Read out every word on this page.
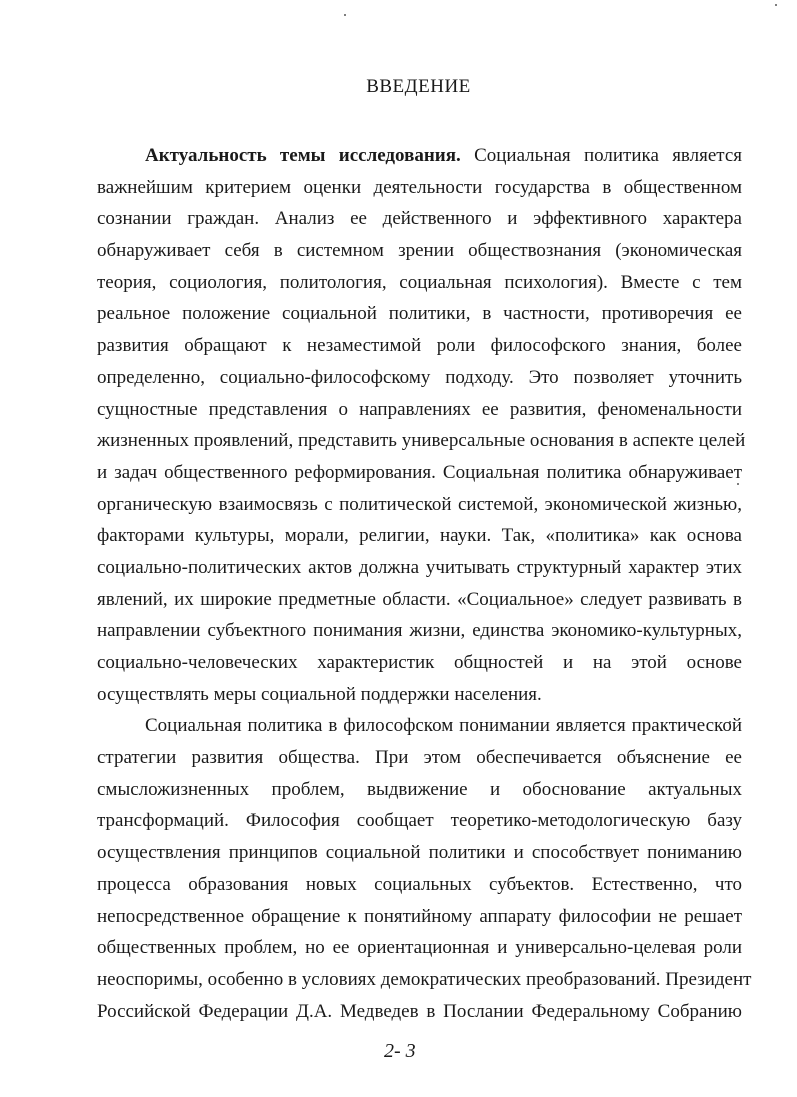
ВВЕДЕНИЕ
Актуальность темы исследования. Социальная политика является
важнейшим критерием оценки деятельности государства в общественном
сознании граждан. Анализ ее действенного и эффективного характера
обнаруживает себя в системном зрении обществознания (экономическая
теория, социология, политология, социальная психология). Вместе с тем
реальное положение социальной политики, в частности, противоречия ее
развития обращают к незаместимой роли философского знания, более
определенно, социально-философскому подходу. Это позволяет уточнить
сущностные представления о направлениях ее развития, феноменальности
жизненных проявлений, представить универсальные основания в аспекте целей
и задач общественного реформирования. Социальная политика обнаруживает
органическую взаимосвязь с политической системой, экономической жизнью,
факторами культуры, морали, религии, науки. Так, «политика» как основа
социально-политических актов должна учитывать структурный характер этих
явлений, их широкие предметные области. «Социальное» следует развивать в
направлении субъектного понимания жизни, единства экономико-культурных,
социально-человеческих характеристик общностей и на этой основе
осуществлять меры социальной поддержки населения.
Социальная политика в философском понимании является практической
стратегии развития общества. При этом обеспечивается объяснение ее
смысложизненных проблем, выдвижение и обоснование актуальных
трансформаций. Философия сообщает теоретико-методологическую базу
осуществления принципов социальной политики и способствует пониманию
процесса образования новых социальных субъектов. Естественно, что
непосредственное обращение к понятийному аппарату философии не решает
общественных проблем, но ее ориентационная и универсально-целевая роли
неоспоримы, особенно в условиях демократических преобразований. Президент
Российской Федерации Д.А. Медведев в Послании Федеральному Собранию
2- 3
